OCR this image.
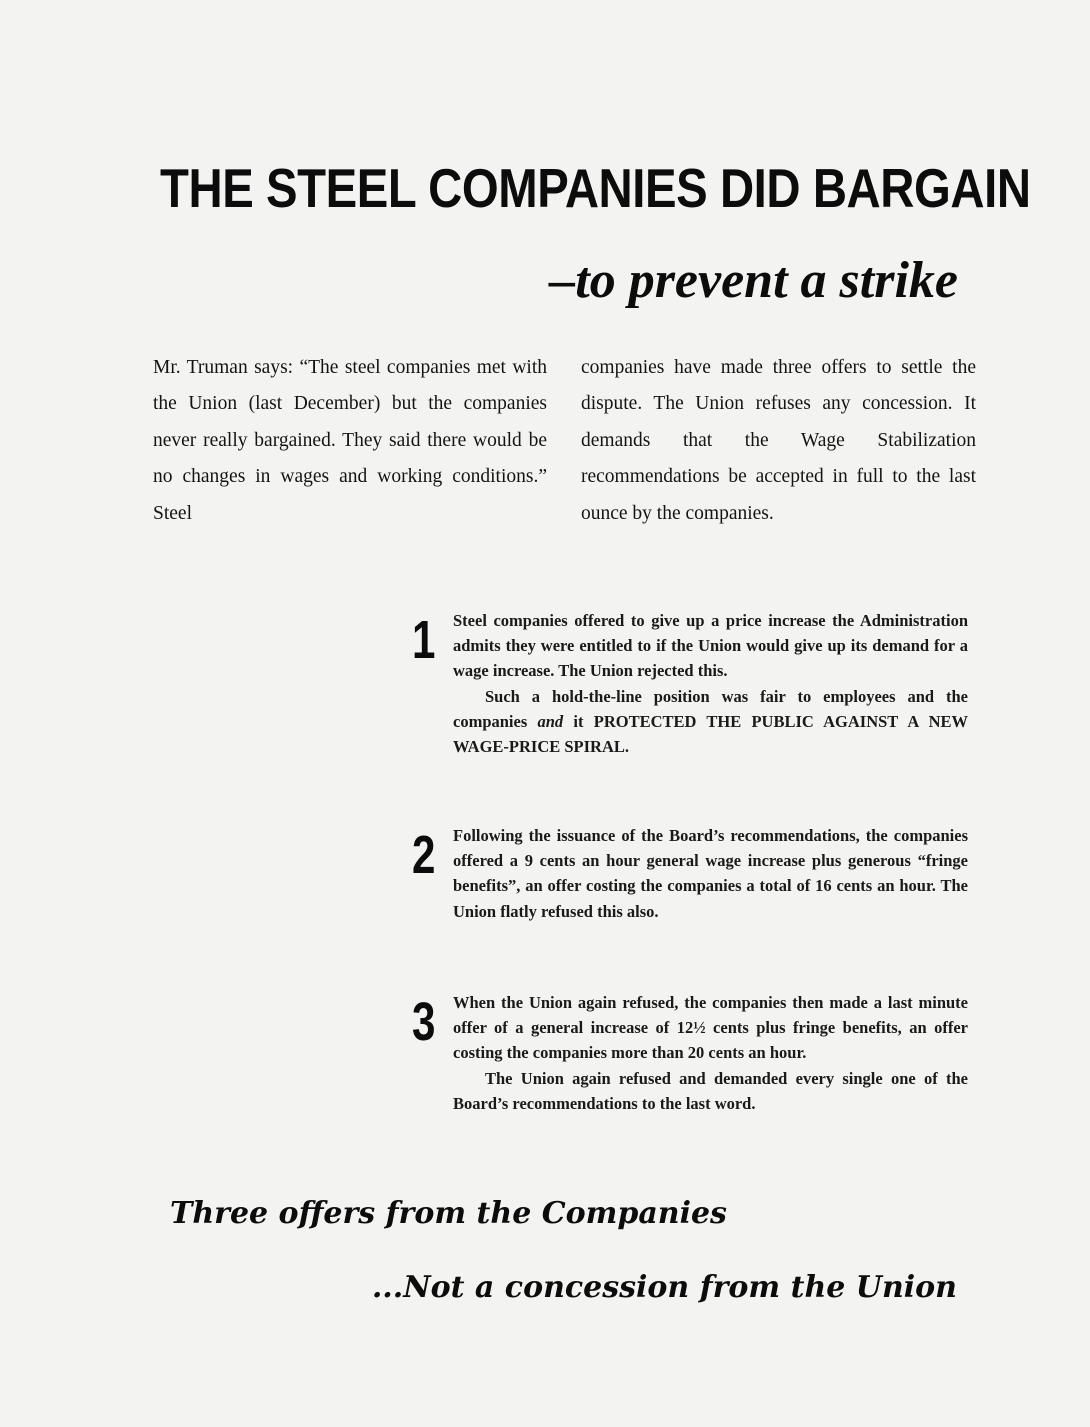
THE STEEL COMPANIES DID BARGAIN
–to prevent a strike
Mr. Truman says: “The steel companies met with the Union (last December) but the companies never really bargained. They said there would be no changes in wages and working conditions.” Steel
companies have made three offers to settle the dispute. The Union refuses any concession. It demands that the Wage Stabilization recommendations be accepted in full to the last ounce by the companies.
1	Steel companies offered to give up a price increase the Administration admits they were entitled to if the Union would give up its demand for a wage increase. The Union rejected this.

Such a hold-the-line position was fair to employees and the companies and it PROTECTED THE PUBLIC AGAINST A NEW WAGE-PRICE SPIRAL.

2	Following the issuance of the Board’s recommendations, the companies offered a 9 cents an hour general wage increase plus generous “fringe benefits”, an offer costing the companies a total of 16 cents an hour. The Union flatly refused this also.

3	When the Union again refused, the companies then made a last minute offer of a general increase of 12½ cents plus fringe benefits, an offer costing the companies more than 20 cents an hour.

The Union again refused and demanded every single one of the Board’s recommendations to the last word.

Three offers from the Companies
...Not a concession from the Union
